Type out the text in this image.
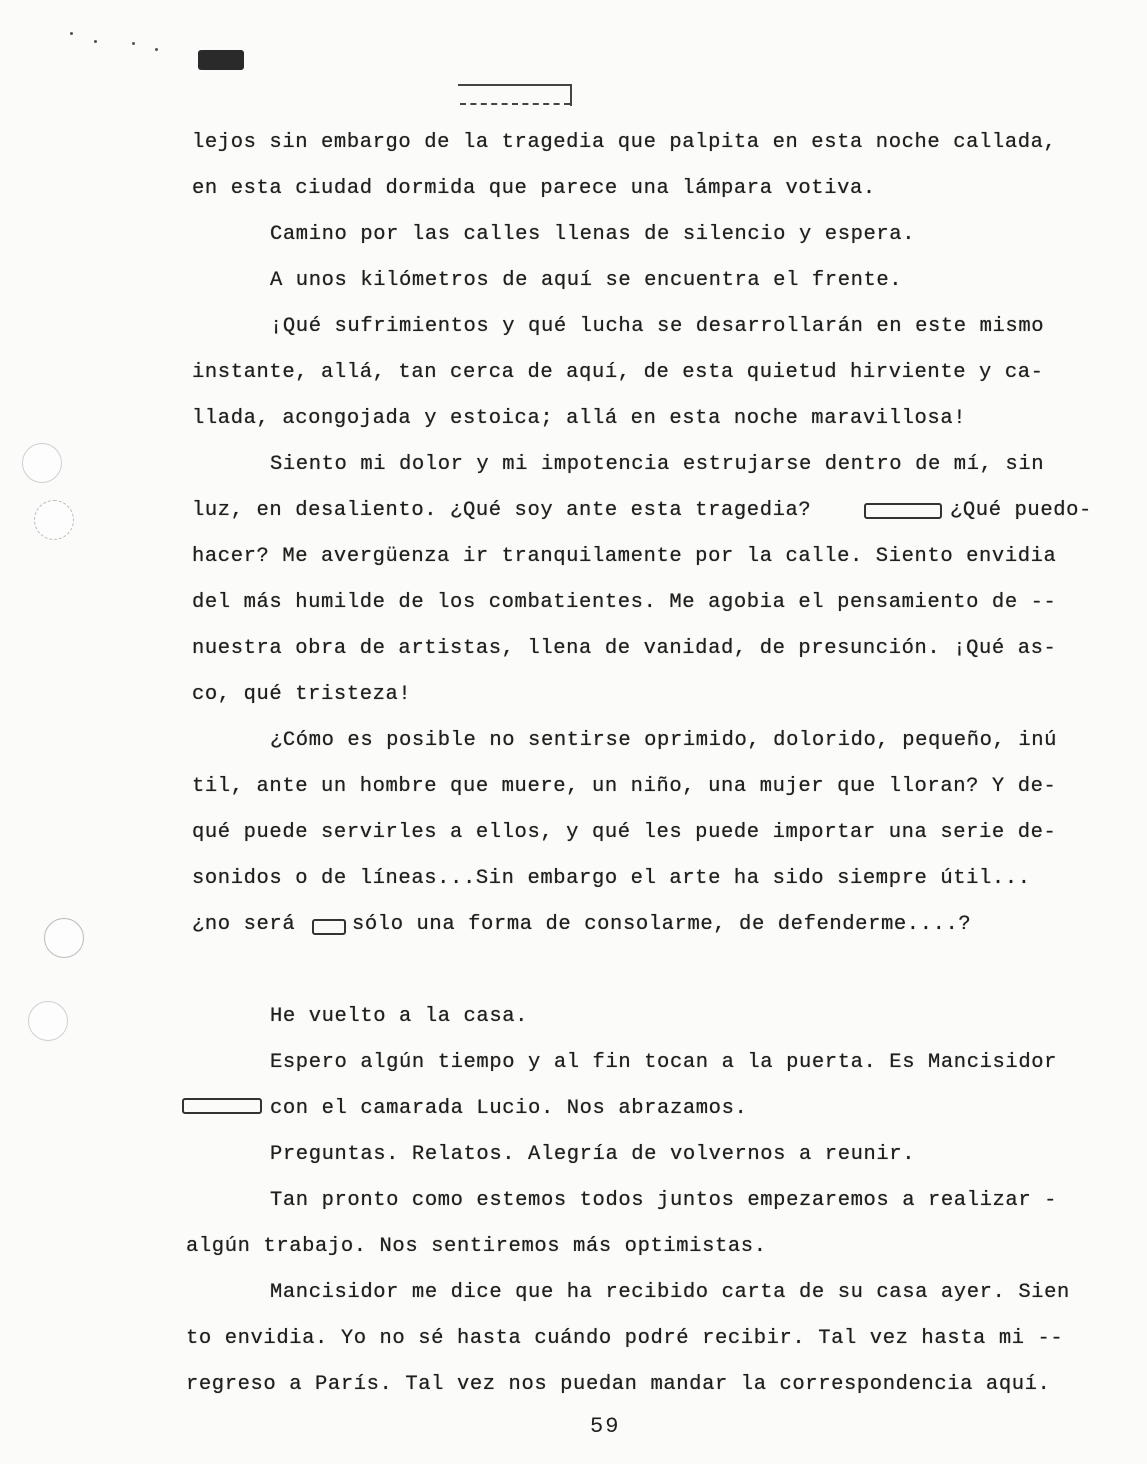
lejos sin embargo de la tragedia que palpita en esta noche callada,
en esta ciudad dormida que parece una lámpara votiva.
Camino por las calles llenas de silencio y espera.
A unos kilómetros de aquí se encuentra el frente.
¡Qué sufrimientos y qué lucha se desarrollarán en este mismo
instante, allá, tan cerca de aquí, de esta quietud hirviente y ca-
llada, acongojada y estoica; allá en esta noche maravillosa!
Siento mi dolor y mi impotencia estrujarse dentro de mí, sin
luz, en desaliento. ¿Qué soy ante esta tragedia?	¿Qué puedo-
hacer? Me avergüenza ir tranquilamente por la calle. Siento envidia
del más humilde de los combatientes. Me agobia el pensamiento de --
nuestra obra de artistas, llena de vanidad, de presunción. ¡Qué as-
co, qué tristeza!
¿Cómo es posible no sentirse oprimido, dolorido, pequeño, inú
til, ante un hombre que muere, un niño, una mujer que lloran? Y de-
qué puede servirles a ellos, y qué les puede importar una serie de-
sonidos o de líneas...Sin embargo el arte ha sido siempre útil...
¿no será	sólo una forma de consolarme, de defenderme....?
He vuelto a la casa.
Espero algún tiempo y al fin tocan a la puerta. Es Mancisidor
con el camarada Lucio. Nos abrazamos.
Preguntas. Relatos. Alegría de volvernos a reunir.
Tan pronto como estemos todos juntos empezaremos a realizar -
algún trabajo. Nos sentiremos más optimistas.
Mancisidor me dice que ha recibido carta de su casa ayer. Sien
to envidia. Yo no sé hasta cuándo podré recibir. Tal vez hasta mi --
regreso a París. Tal vez nos puedan mandar la correspondencia aquí.
59
